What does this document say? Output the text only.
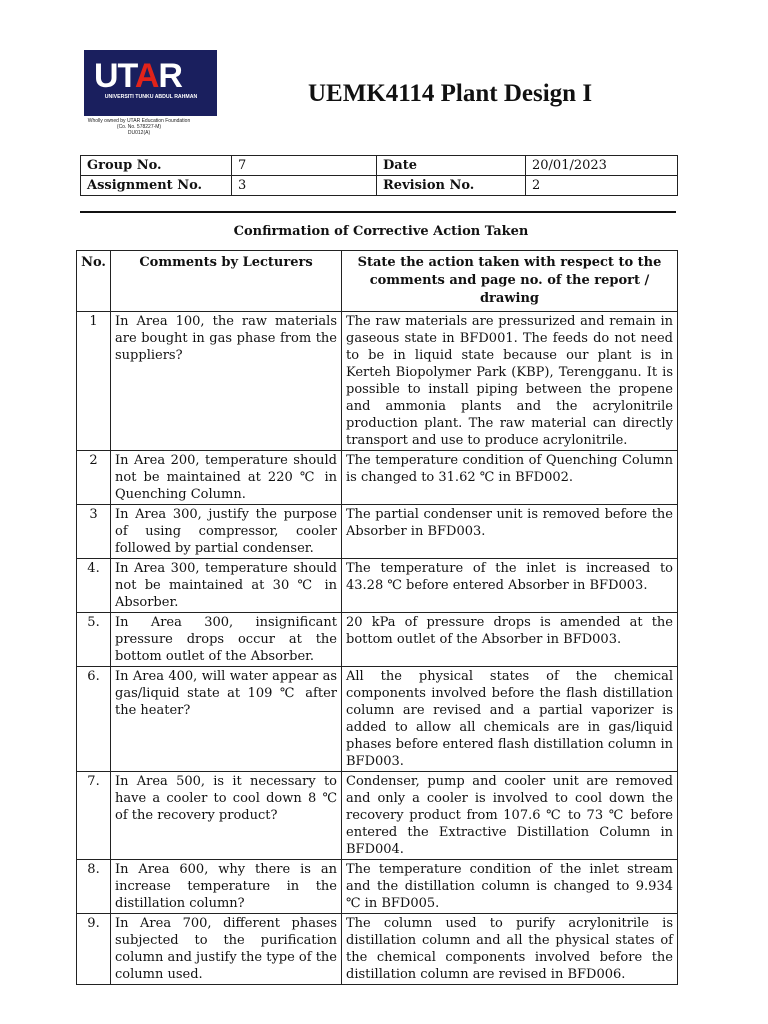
UTAR
UNIVERSITI TUNKU ABDUL RAHMAN
Wholly owned by UTAR Education Foundation
(Co. No. 578227-M)
DU012(A)
UEMK4114 Plant Design I
Group No.	7	Date	20/01/2023
Assignment No.	3	Revision No.	2
Confirmation of Corrective Action Taken
No.	Comments by Lecturers	State the action taken with respect to the comments and page no. of the report / drawing
1	In Area 100, the raw materials are bought in gas phase from the suppliers?	The raw materials are pressurized and remain in gaseous state in BFD001. The feeds do not need to be in liquid state because our plant is in Kerteh Biopolymer Park (KBP), Terengganu. It is possible to install piping between the propene and ammonia plants and the acrylonitrile production plant. The raw material can directly transport and use to produce acrylonitrile.
2	In Area 200, temperature should not be maintained at 220 ℃ in Quenching Column.	The temperature condition of Quenching Column is changed to 31.62 ℃ in BFD002.
3	In Area 300, justify the purpose of using compressor, cooler followed by partial condenser.	The partial condenser unit is removed before the Absorber in BFD003.
4.	In Area 300, temperature should not be maintained at 30 ℃ in Absorber.	The temperature of the inlet is increased to 43.28 ℃ before entered Absorber in BFD003.
5.	In Area 300, insignificant pressure drops occur at the bottom outlet of the Absorber.	20 kPa of pressure drops is amended at the bottom outlet of the Absorber in BFD003.
6.	In Area 400, will water appear as gas/liquid state at 109 ℃ after the heater?	All the physical states of the chemical components involved before the flash distillation column are revised and a partial vaporizer is added to allow all chemicals are in gas/liquid phases before entered flash distillation column in BFD003.
7.	In Area 500, is it necessary to have a cooler to cool down 8 ℃ of the recovery product?	Condenser, pump and cooler unit are removed and only a cooler is involved to cool down the recovery product from 107.6 ℃ to 73 ℃ before entered the Extractive Distillation Column in BFD004.
8.	In Area 600, why there is an increase temperature in the distillation column?	The temperature condition of the inlet stream and the distillation column is changed to 9.934 ℃ in BFD005.
9.	In Area 700, different phases subjected to the purification column and justify the type of the column used.	The column used to purify acrylonitrile is distillation column and all the physical states of the chemical components involved before the distillation column are revised in BFD006.
